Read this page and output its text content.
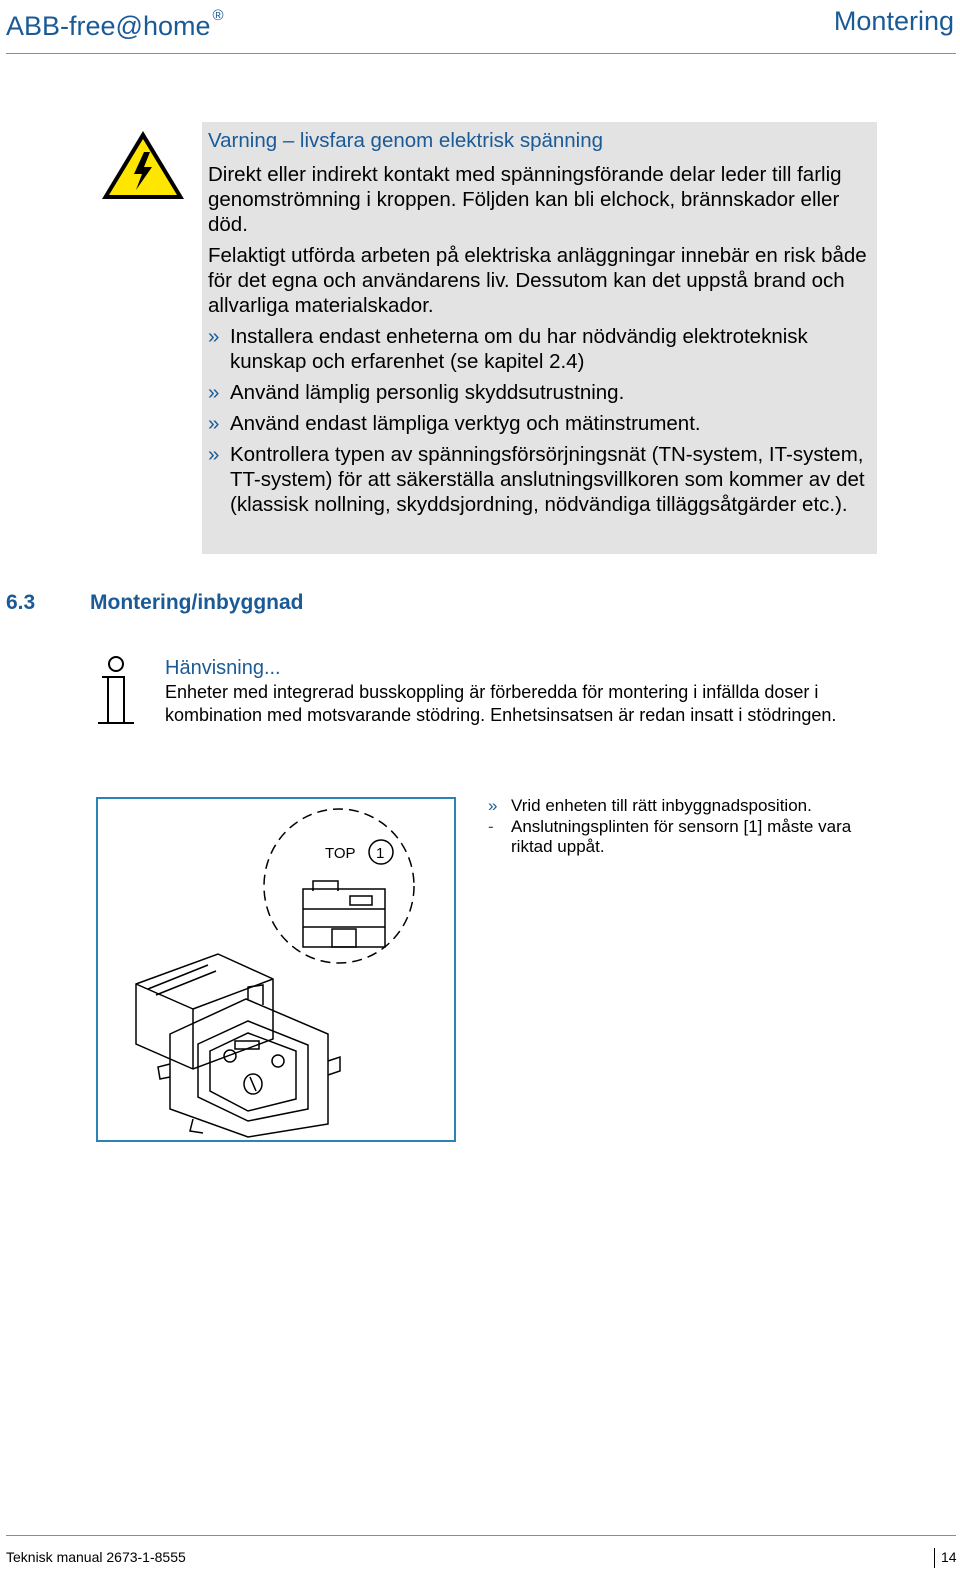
ABB-free@home ®	Montering
Varning – livsfara genom elektrisk spänning

Direkt eller indirekt kontakt med spänningsförande delar leder till farlig genomströmning i kroppen. Följden kan bli elchock, brännskador eller död.

Felaktigt utförda arbeten på elektriska anläggningar innebär en risk både för det egna och användarens liv. Dessutom kan det uppstå brand och allvarliga materialskador.

» Installera endast enheterna om du har nödvändig elektroteknisk kunskap och erfarenhet (se kapitel 2.4)
» Använd lämplig personlig skyddsutrustning.
» Använd endast lämpliga verktyg och mätinstrument.
» Kontrollera typen av spänningsförsörjningsnät (TN-system, IT-system, TT-system) för att säkerställa anslutningsvillkoren som kommer av det (klassisk nollning, skyddsjordning, nödvändiga tilläggsåtgärder etc.).
6.3	Montering/inbyggnad
Hänvisning...
Enheter med integrerad busskoppling är förberedda för montering i infällda doser i kombination med motsvarande stödring. Enhetsinsatsen är redan insatt i stödringen.
TOP 1
» Vrid enheten till rätt inbyggnadsposition.
- Anslutningsplinten för sensorn [1] måste vara riktad uppåt.
Teknisk manual 2673-1-8555	14
